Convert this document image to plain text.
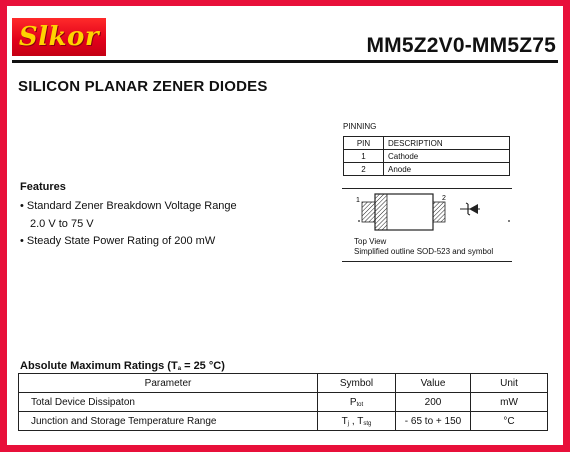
Slkor	MM5Z2V0-MM5Z75
SILICON PLANAR ZENER DIODES
PINNING
PIN	DESCRIPTION
1	Cathode
2	Anode
1	2
Top View
Simplified outline SOD-523 and symbol
Features
• Standard Zener Breakdown Voltage Range
2.0 V to 75 V
• Steady State Power Rating of 200 mW
Absolute Maximum Ratings ($T_a = 25$ °C)
Parameter	Symbol	Value	Unit
Total Device Dissipaton	$P_{tot}$	200	mW
Junction and Storage Temperature Range	$T_j$ , $T_{stg}$	- 65 to + 150	°C
